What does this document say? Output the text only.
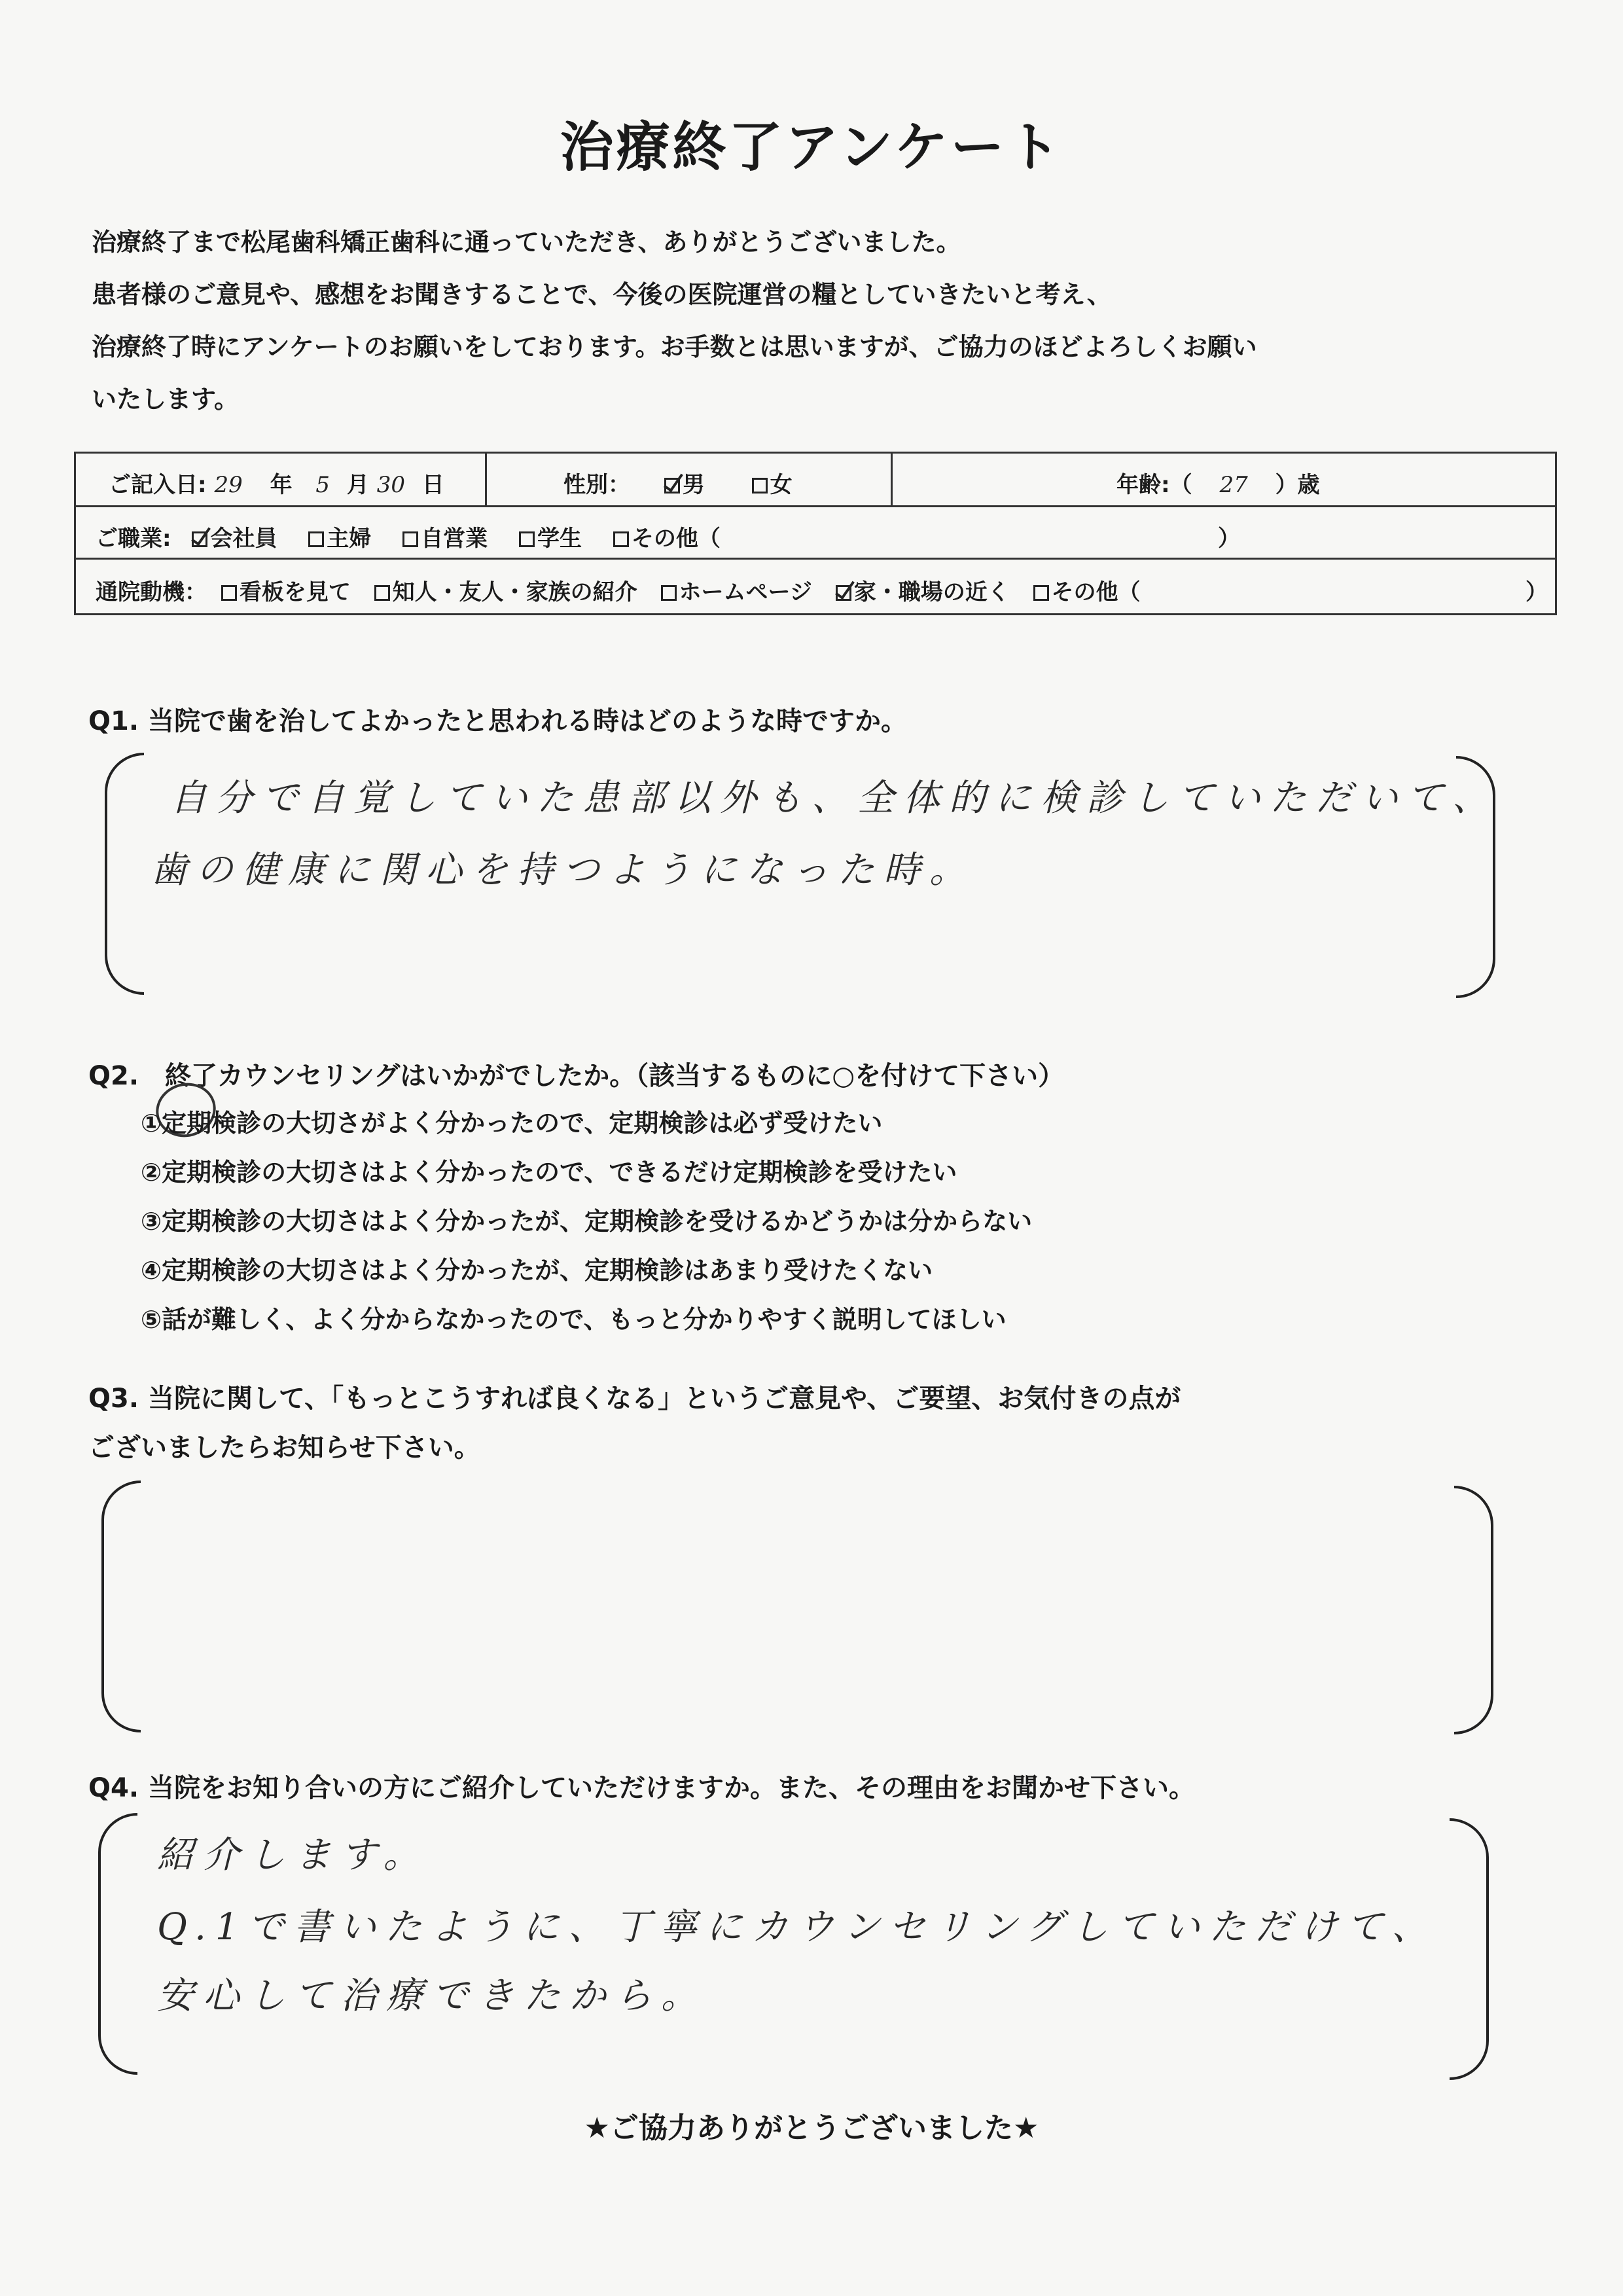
治療終了アンケート
治療終了まで松尾歯科矯正歯科に通っていただき、ありがとうございました。
患者様のご意見や、感想をお聞きすることで、今後の医院運営の糧としていきたいと考え、
治療終了時にアンケートのお願いをしております。お手数とは思いますが、ご協力のほどよろしくお願い
いたします。
ご記入日: 29 年 5 月 30 日	性別： 男	女	年齢:（ 27 ）歳
ご職業: 会社員 主婦 自営業 学生 その他（	）
通院動機： 看板を見て 知人・友人・家族の紹介 ホームページ 家・職場の近く その他（	）
Q1. 当院で歯を治してよかったと思われる時はどのような時ですか。
自分で自覚していた患部以外も、全体的に検診していただいて、
歯の健康に関心を持つようになった時。
Q2.　終了カウンセリングはいかがでしたか。（該当するものに○を付けて下さい）
①定期検診の大切さがよく分かったので、定期検診は必ず受けたい
②定期検診の大切さはよく分かったので、できるだけ定期検診を受けたい
③定期検診の大切さはよく分かったが、定期検診を受けるかどうかは分からない
④定期検診の大切さはよく分かったが、定期検診はあまり受けたくない
⑤話が難しく、よく分からなかったので、もっと分かりやすく説明してほしい
Q3. 当院に関して、「もっとこうすれば良くなる」というご意見や、ご要望、お気付きの点が
ございましたらお知らせ下さい。
Q4. 当院をお知り合いの方にご紹介していただけますか。また、その理由をお聞かせ下さい。
紹介します。
Q.1で書いたように、丁寧にカウンセリングしていただけて、
安心して治療できたから。
★ご協力ありがとうございました★
